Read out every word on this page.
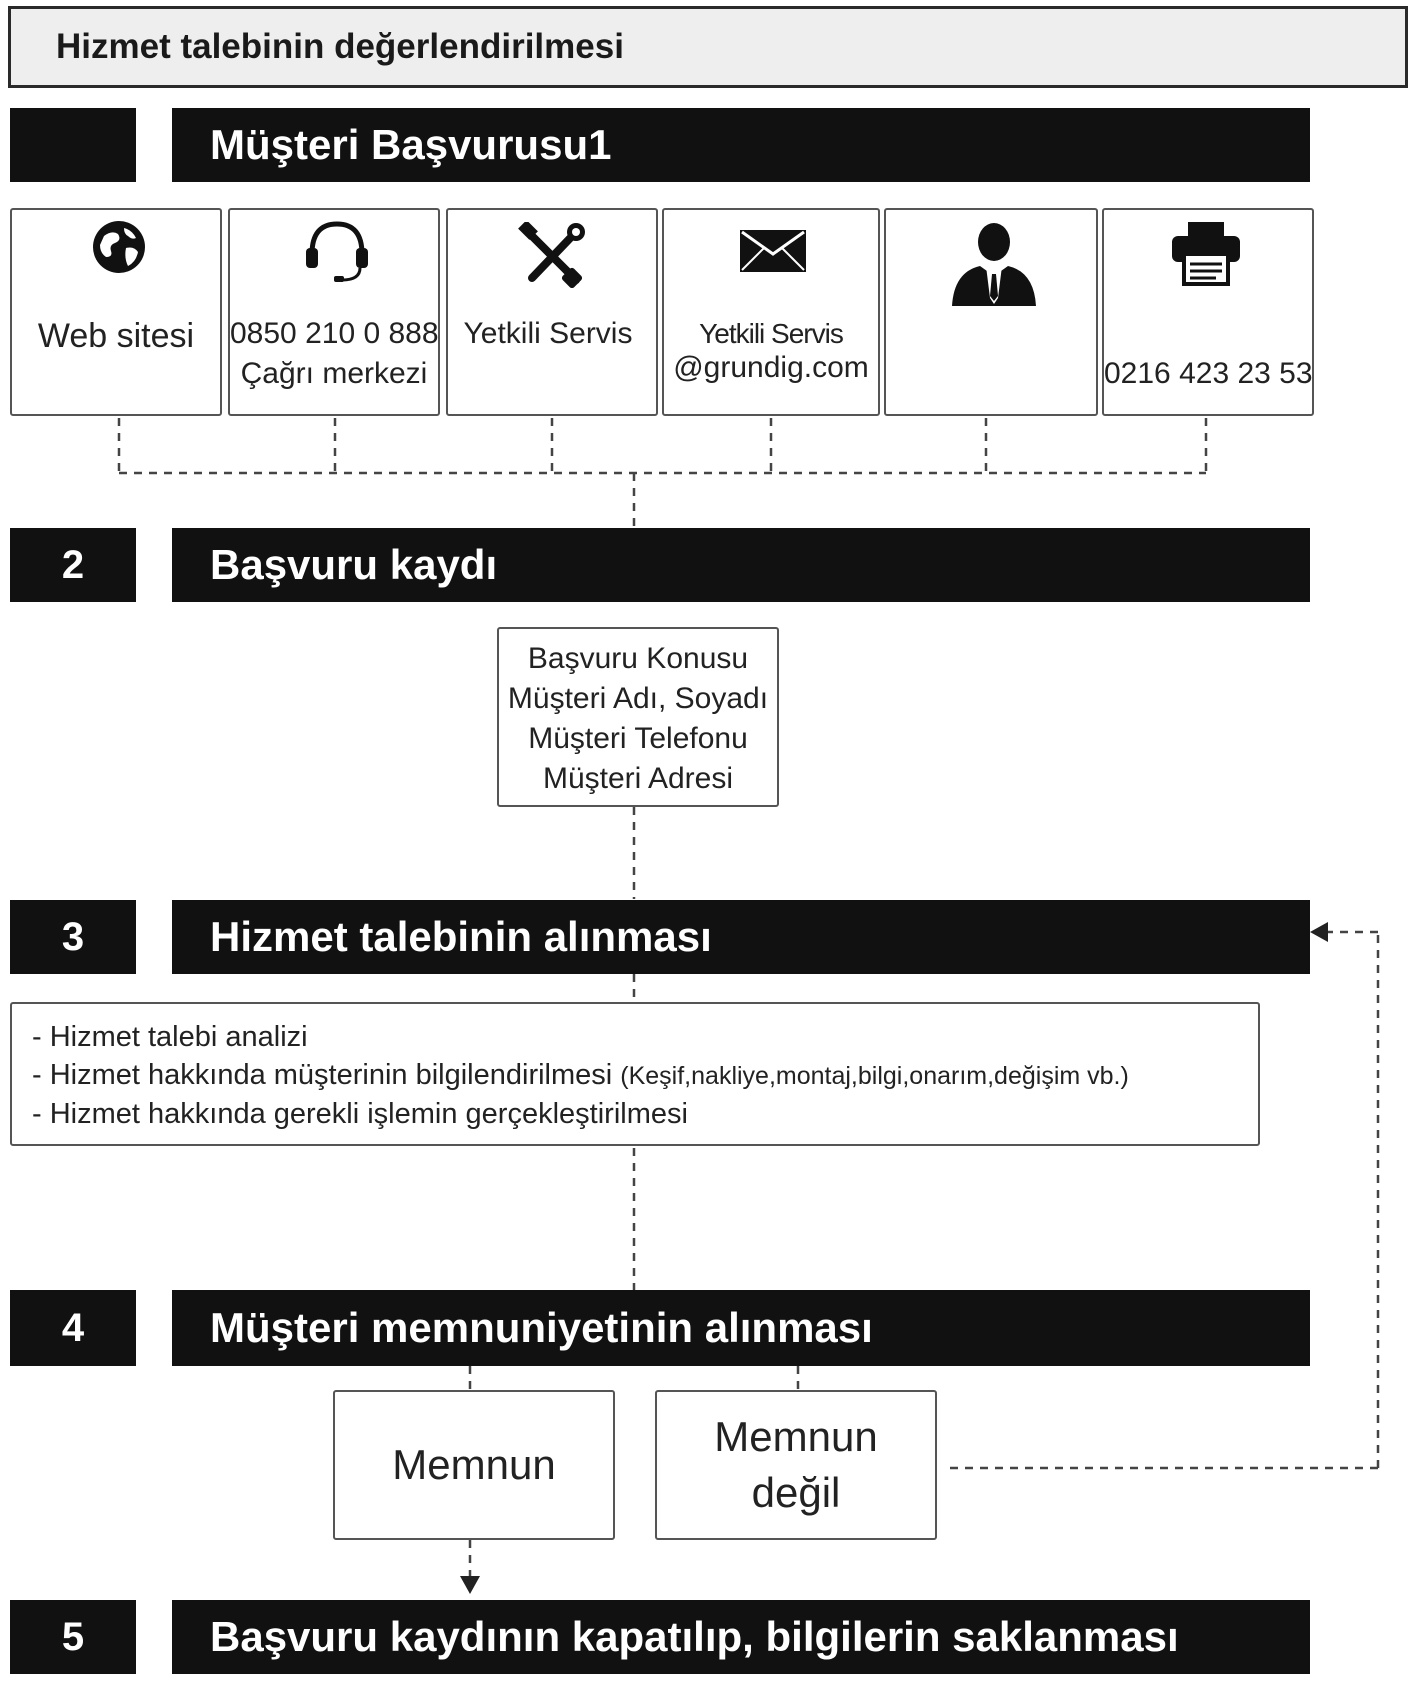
Hizmet talebinin değerlendirilmesi
Müşteri Başvurusu1
Web sitesi	0850 210 0 888
Çağrı merkezi
Yetkili Servis	Yetkili Servis
@grundig.com	0216 423 23 53
2	Başvuru kaydı
Başvuru Konusu
Müşteri Adı, Soyadı
Müşteri Telefonu
Müşteri Adresi
3	Hizmet talebinin alınması
- Hizmet talebi analizi
- Hizmet hakkında müşterinin bilgilendirilmesi (Keşif,nakliye,montaj,bilgi,onarım,değişim vb.)
- Hizmet hakkında gerekli işlemin gerçekleştirilmesi
4	Müşteri memnuniyetinin alınması
Memnun
Memnun
değil
5	Başvuru kaydının kapatılıp, bilgilerin saklanması
